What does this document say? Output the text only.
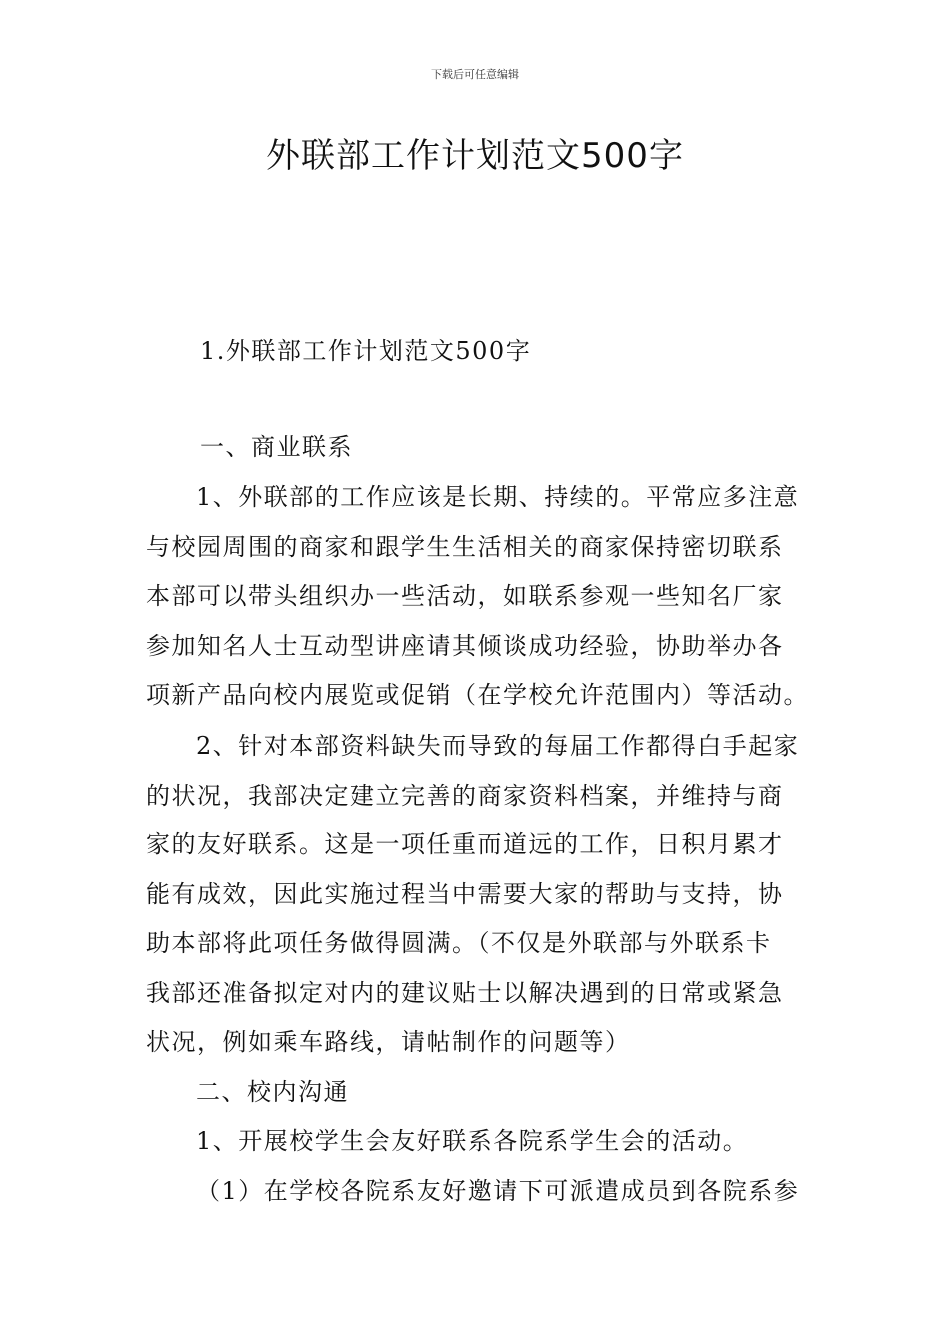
下载后可任意编辑
外联部工作计划范文500字
1.外联部工作计划范文500字
一、商业联系
1、外联部的工作应该是长期、持续的。平常应多注意
与校园周围的商家和跟学生生活相关的商家保持密切联系
本部可以带头组织办一些活动，如联系参观一些知名厂家
参加知名人士互动型讲座请其倾谈成功经验，协助举办各
项新产品向校内展览或促销（在学校允许范围内）等活动。
2、针对本部资料缺失而导致的每届工作都得白手起家
的状况，我部决定建立完善的商家资料档案，并维持与商
家的友好联系。这是一项任重而道远的工作，日积月累才
能有成效，因此实施过程当中需要大家的帮助与支持，协
助本部将此项任务做得圆满。（不仅是外联部与外联系卡
我部还准备拟定对内的建议贴士以解决遇到的日常或紧急
状况，例如乘车路线，请帖制作的问题等）
二、校内沟通
1、开展校学生会友好联系各院系学生会的活动。
（1）在学校各院系友好邀请下可派遣成员到各院系参
